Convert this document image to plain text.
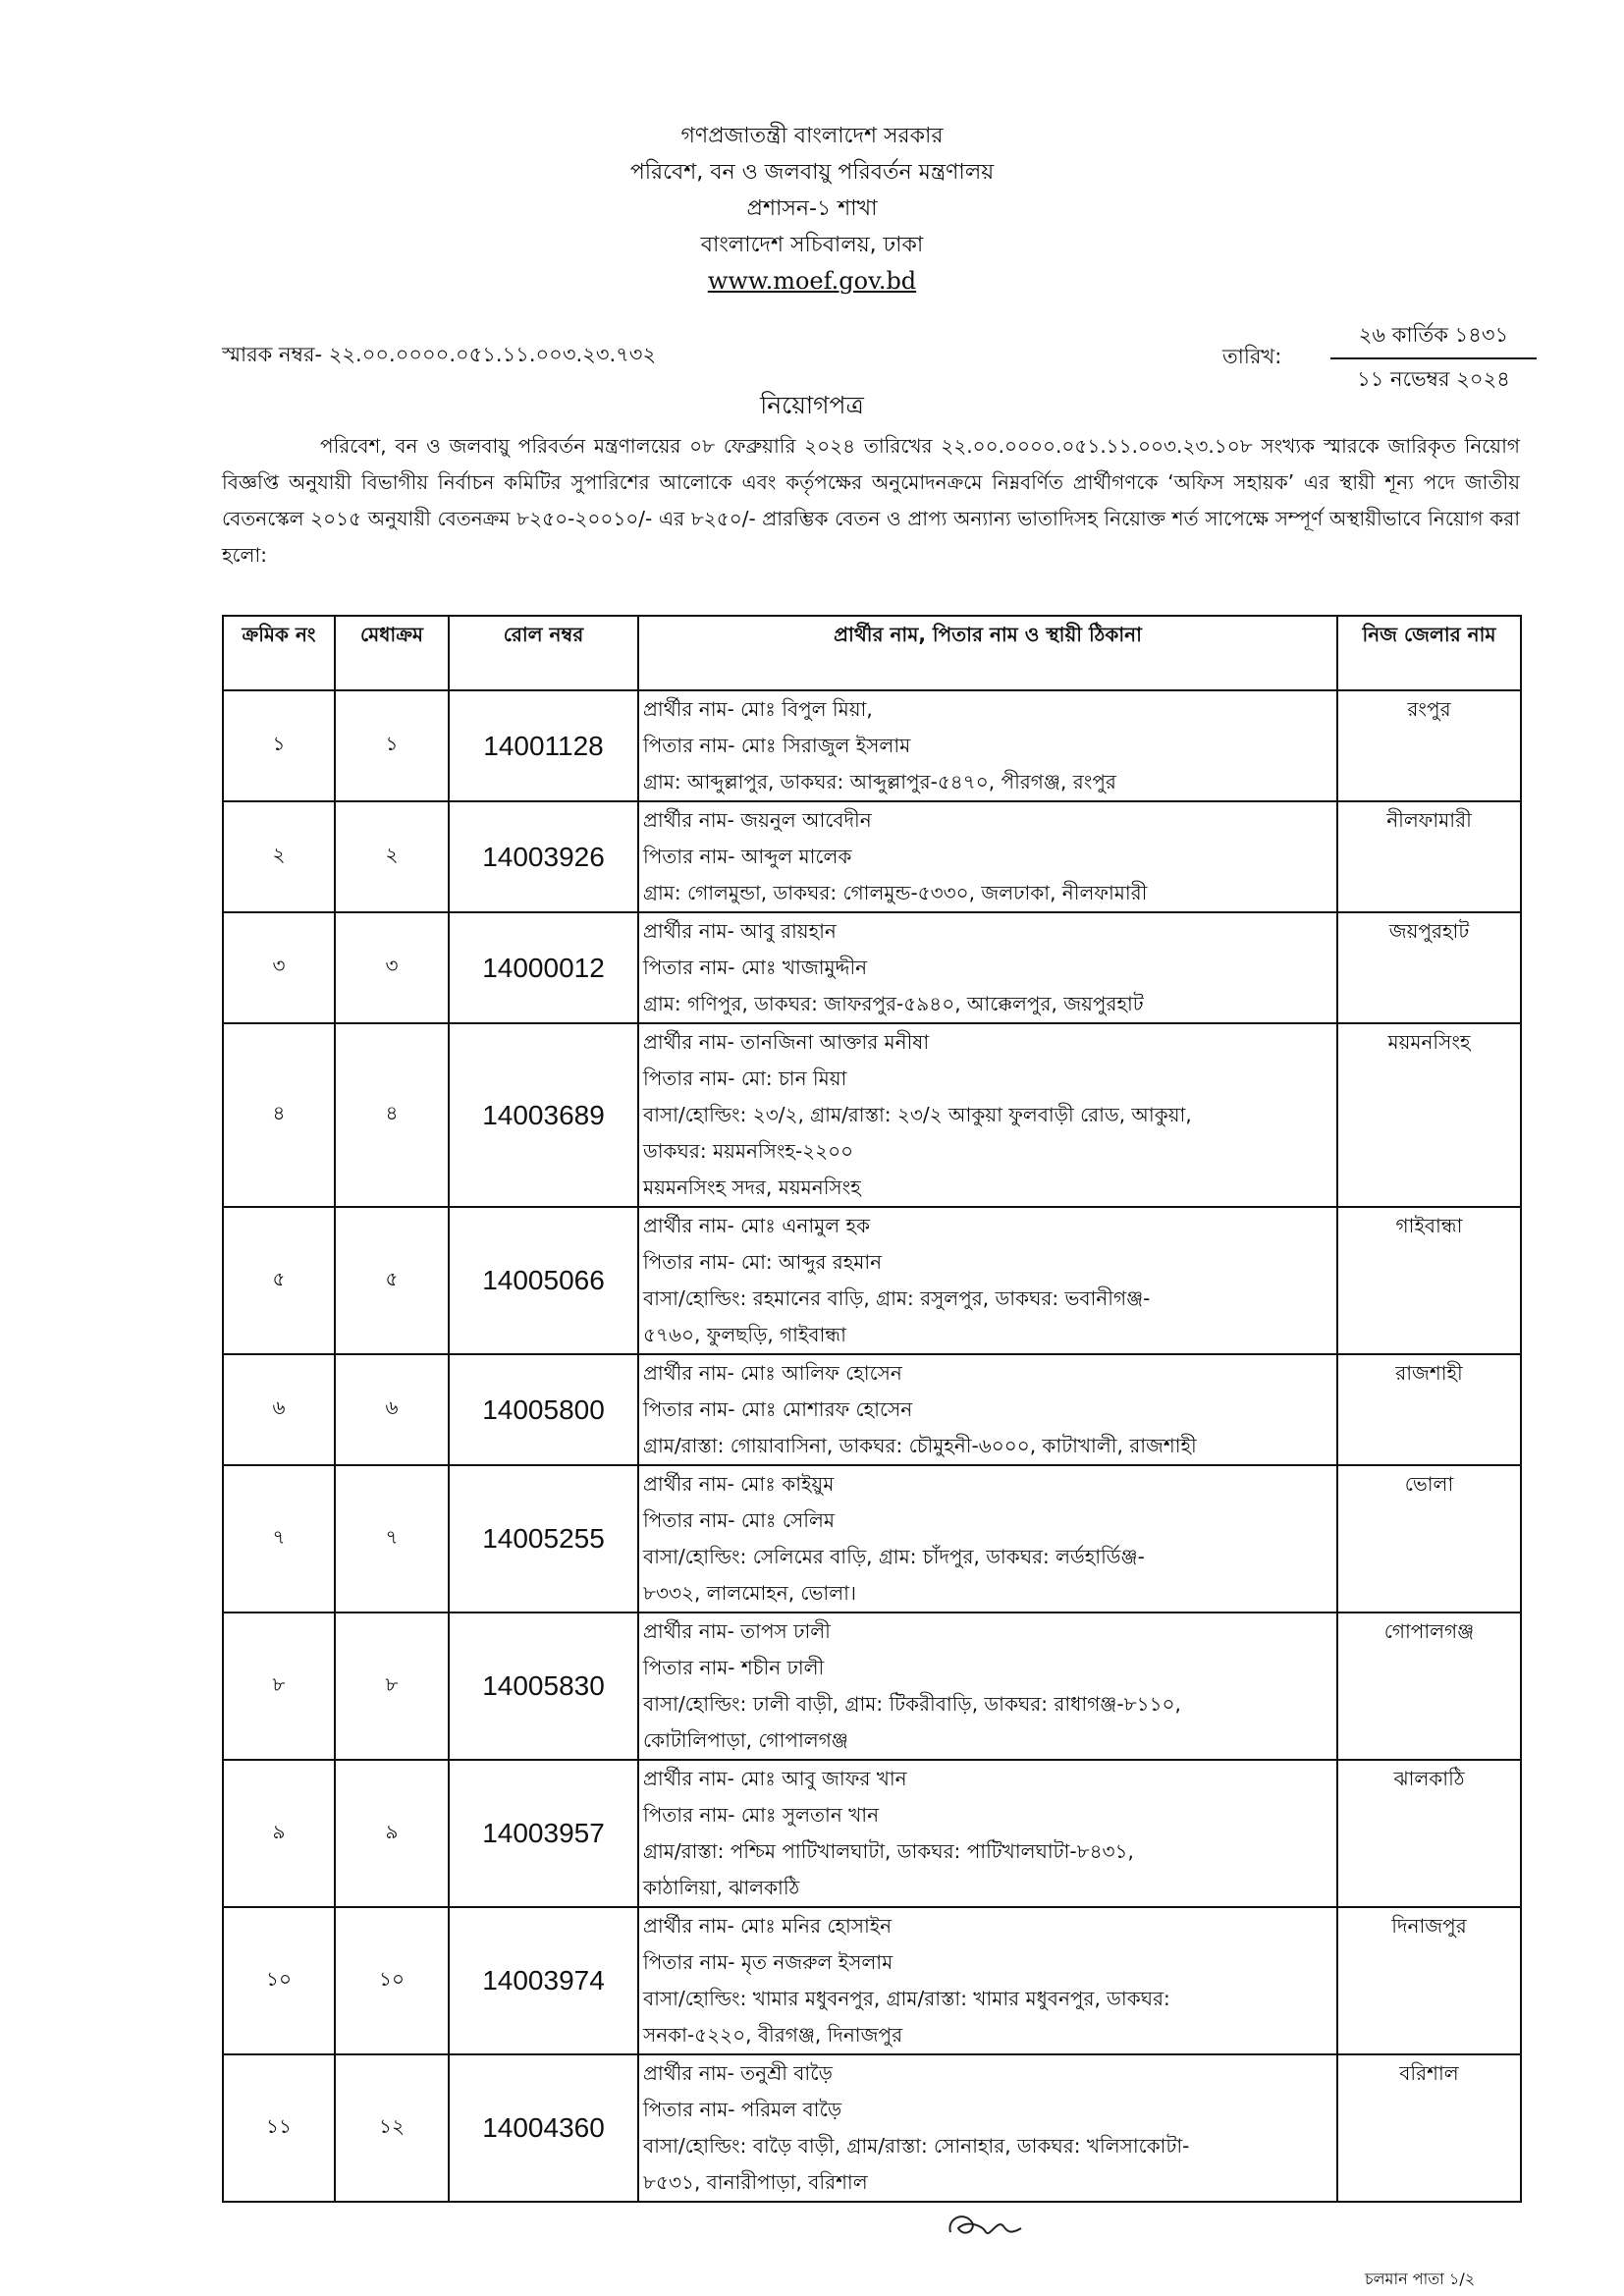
গণপ্রজাতন্ত্রী বাংলাদেশ সরকার
পরিবেশ, বন ও জলবায়ু পরিবর্তন মন্ত্রণালয়
প্রশাসন-১ শাখা
বাংলাদেশ সচিবালয়, ঢাকা
www.moef.gov.bd
স্মারক নম্বর- ২২.০০.০০০০.০৫১.১১.০০৩.২৩.৭৩২	তারিখ:
২৬ কার্তিক ১৪৩১
১১ নভেম্বর ২০২৪
নিয়োগপত্র
পরিবেশ, বন ও জলবায়ু পরিবর্তন মন্ত্রণালয়ের ০৮ ফেব্রুয়ারি ২০২৪ তারিখের ২২.০০.০০০০.০৫১.১১.০০৩.২৩.১০৮ সংখ্যক স্মারকে জারিকৃত নিয়োগ বিজ্ঞপ্তি অনুযায়ী বিভাগীয় নির্বাচন কমিটির সুপারিশের আলোকে এবং কর্তৃপক্ষের অনুমোদনক্রমে নিম্নবর্ণিত প্রার্থীগণকে ‘অফিস সহায়ক’ এর স্থায়ী শূন্য পদে জাতীয় বেতনস্কেল ২০১৫ অনুযায়ী বেতনক্রম ৮২৫০-২০০১০/- এর ৮২৫০/- প্রারম্ভিক বেতন ও প্রাপ্য অন্যান্য ভাতাদিসহ নিয়োক্ত শর্ত সাপেক্ষে সম্পূর্ণ অস্থায়ীভাবে নিয়োগ করা হলো:
ক্রমিক নং	মেধাক্রম	রোল নম্বর	প্রার্থীর নাম, পিতার নাম ও স্থায়ী ঠিকানা	নিজ জেলার নাম
১	১	14001128	প্রার্থীর নাম- মোঃ বিপুল মিয়া,
পিতার নাম- মোঃ সিরাজুল ইসলাম
গ্রাম: আব্দুল্লাপুর, ডাকঘর: আব্দুল্লাপুর-৫৪৭০, পীরগঞ্জ, রংপুর	রংপুর
২	২	14003926	প্রার্থীর নাম- জয়নুল আবেদীন
পিতার নাম- আব্দুল মালেক
গ্রাম: গোলমুন্ডা, ডাকঘর: গোলমুন্ড-৫৩৩০, জলঢাকা, নীলফামারী	নীলফামারী
৩	৩	14000012	প্রার্থীর নাম- আবু রায়হান
পিতার নাম- মোঃ খাজামুদ্দীন
গ্রাম: গণিপুর, ডাকঘর: জাফরপুর-৫৯৪০, আক্কেলপুর, জয়পুরহাট	জয়পুরহাট
৪	৪	14003689	প্রার্থীর নাম- তানজিনা আক্তার মনীষা
পিতার নাম- মো: চান মিয়া
বাসা/হোল্ডিং: ২৩/২, গ্রাম/রাস্তা: ২৩/২ আকুয়া ফুলবাড়ী রোড, আকুয়া,
ডাকঘর: ময়মনসিংহ-২২০০
ময়মনসিংহ সদর, ময়মনসিংহ	ময়মনসিংহ
৫	৫	14005066	প্রার্থীর নাম- মোঃ এনামুল হক
পিতার নাম- মো: আব্দুর রহমান
বাসা/হোল্ডিং: রহমানের বাড়ি, গ্রাম: রসুলপুর, ডাকঘর: ভবানীগঞ্জ-
৫৭৬০, ফুলছড়ি, গাইবান্ধা	গাইবান্ধা
৬	৬	14005800	প্রার্থীর নাম- মোঃ আলিফ হোসেন
পিতার নাম- মোঃ মোশারফ হোসেন
গ্রাম/রাস্তা: গোয়াবাসিনা, ডাকঘর: চৌমুহনী-৬০০০, কাটাখালী, রাজশাহী	রাজশাহী
৭	৭	14005255	প্রার্থীর নাম- মোঃ কাইয়ুম
পিতার নাম- মোঃ সেলিম
বাসা/হোল্ডিং: সেলিমের বাড়ি, গ্রাম: চাঁদপুর, ডাকঘর: লর্ডহার্ডিঞ্জ-
৮৩৩২, লালমোহন, ভোলা।	ভোলা
৮	৮	14005830	প্রার্থীর নাম- তাপস ঢালী
পিতার নাম- শচীন ঢালী
বাসা/হোল্ডিং: ঢালী বাড়ী, গ্রাম: টিকরীবাড়ি, ডাকঘর: রাধাগঞ্জ-৮১১০,
কোটালিপাড়া, গোপালগঞ্জ	গোপালগঞ্জ
৯	৯	14003957	প্রার্থীর নাম- মোঃ আবু জাফর খান
পিতার নাম- মোঃ সুলতান খান
গ্রাম/রাস্তা: পশ্চিম পাটিখালঘাটা, ডাকঘর: পাটিখালঘাটা-৮৪৩১,
কাঠালিয়া, ঝালকাঠি	ঝালকাঠি
১০	১০	14003974	প্রার্থীর নাম- মোঃ মনির হোসাইন
পিতার নাম- মৃত নজরুল ইসলাম
বাসা/হোল্ডিং: খামার মধুবনপুর, গ্রাম/রাস্তা: খামার মধুবনপুর, ডাকঘর:
সনকা-৫২২০, বীরগঞ্জ, দিনাজপুর	দিনাজপুর
১১	১২	14004360	প্রার্থীর নাম- তনুশ্রী বাড়ৈ
পিতার নাম- পরিমল বাড়ৈ
বাসা/হোল্ডিং: বাড়ৈ বাড়ী, গ্রাম/রাস্তা: সোনাহার, ডাকঘর: খলিসাকোটা-
৮৫৩১, বানারীপাড়া, বরিশাল	বরিশাল
চলমান পাতা ১/২
